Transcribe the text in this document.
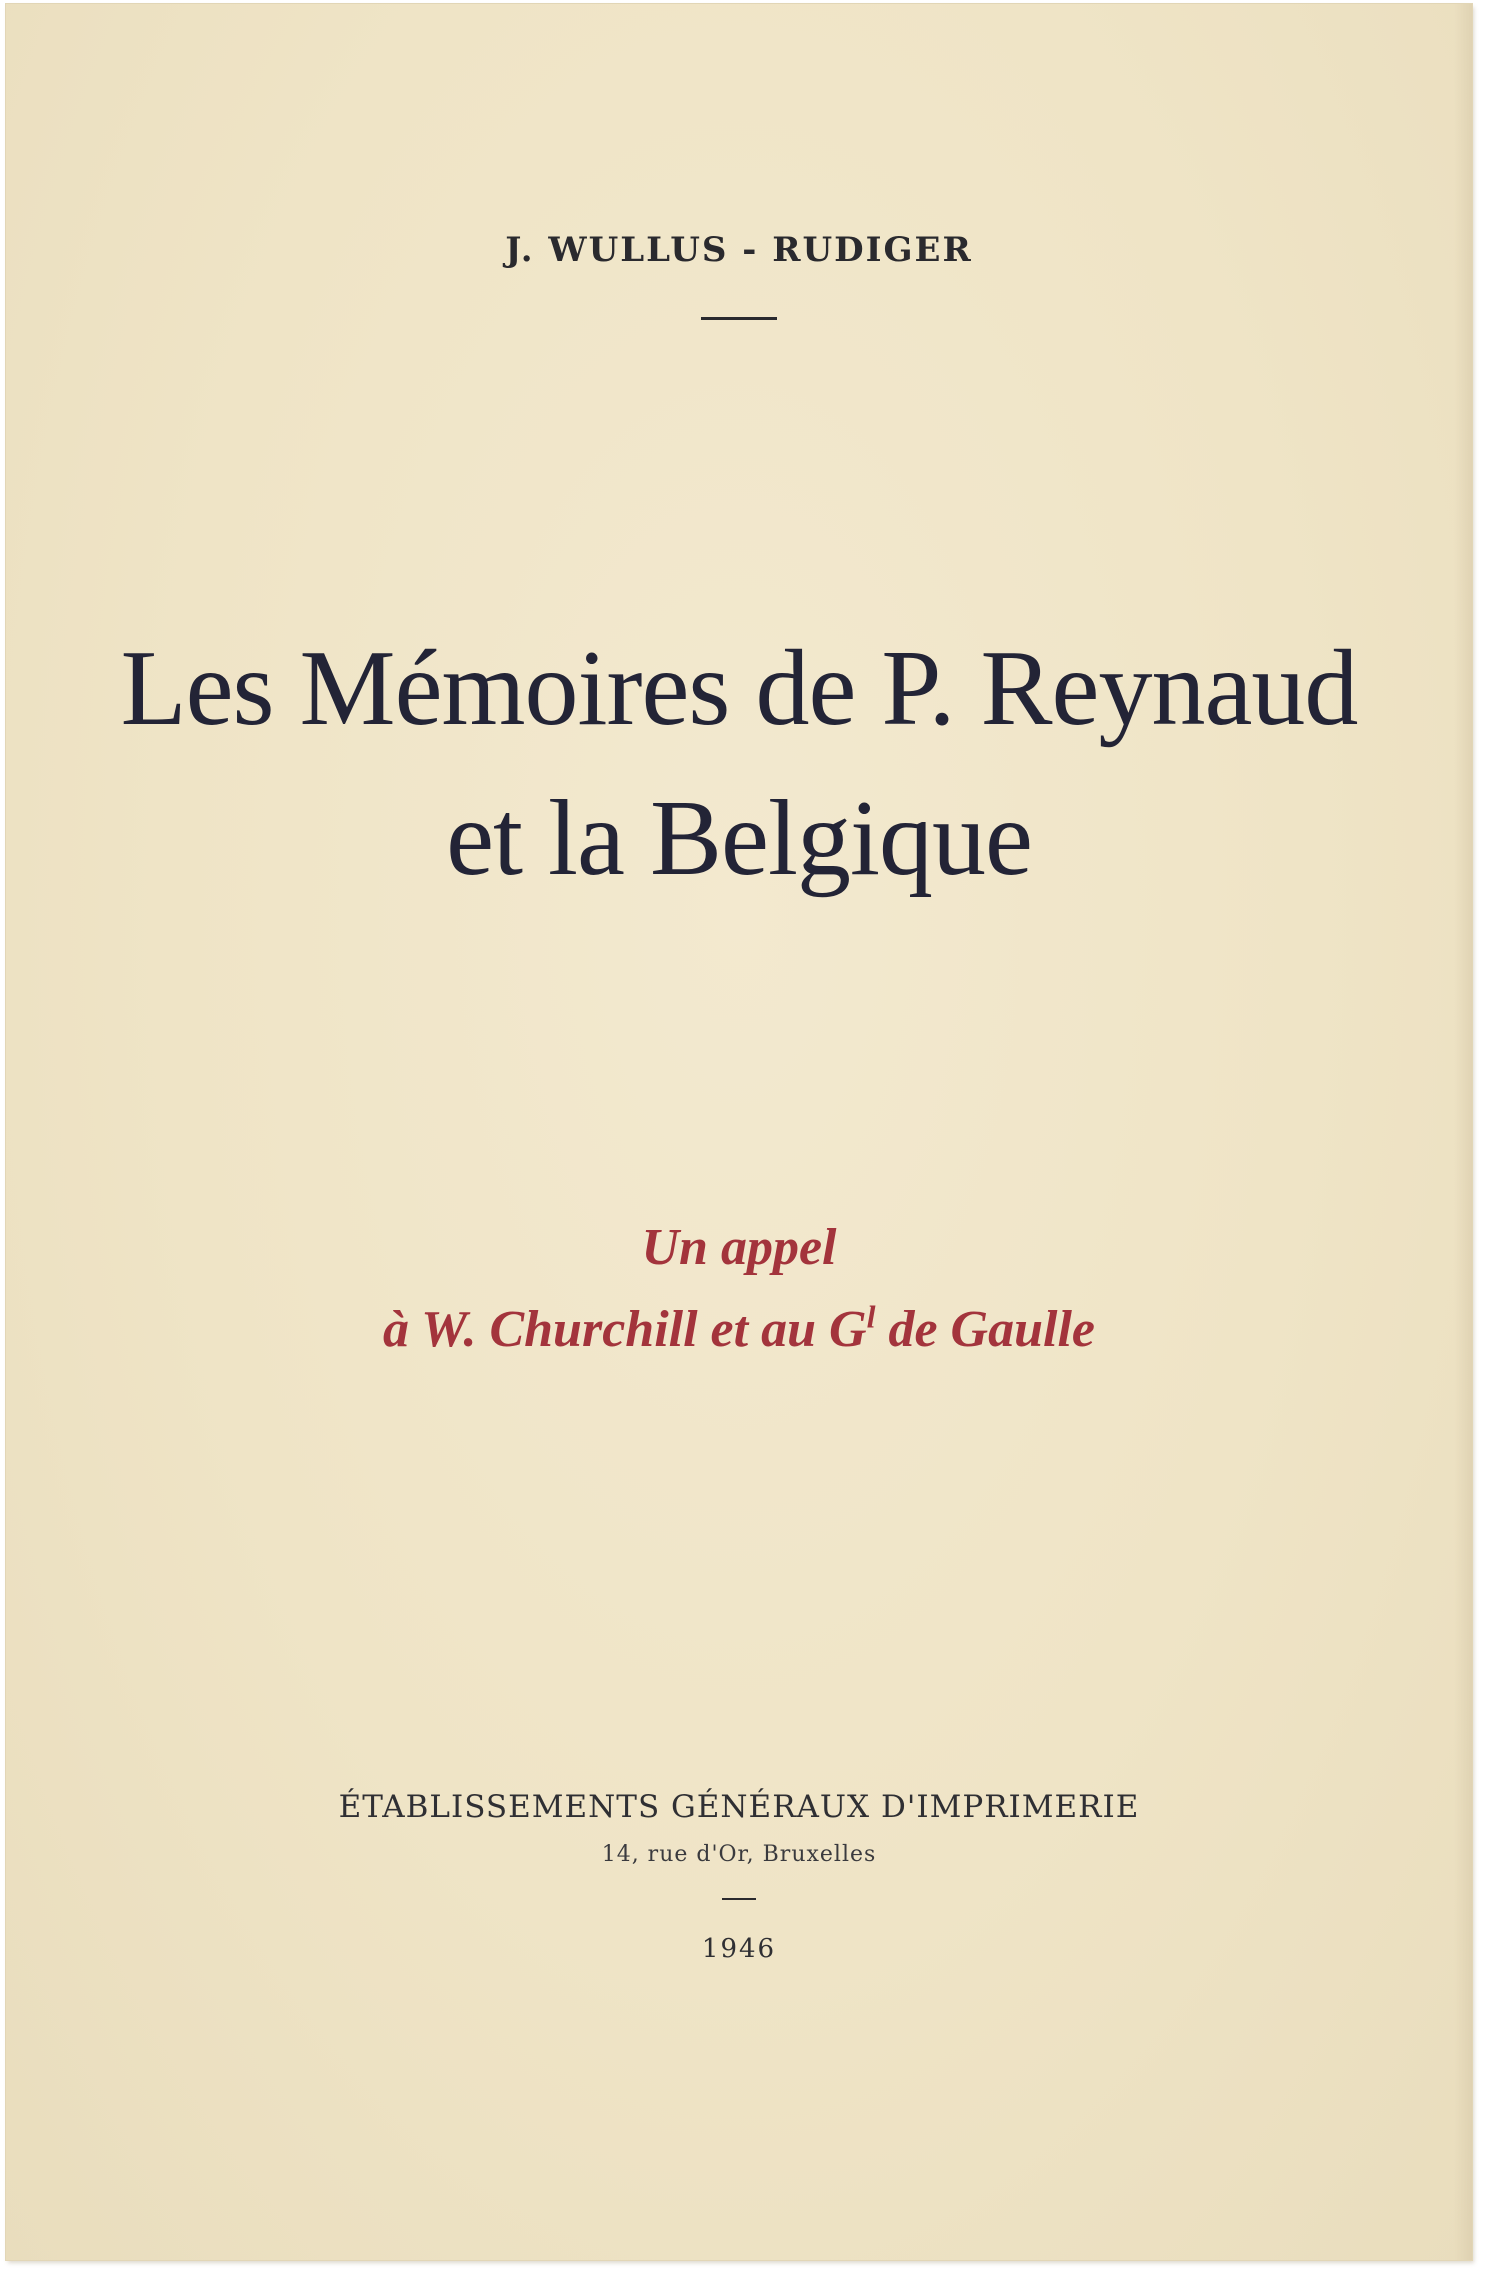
J. WULLUS - RUDIGER
Les Mémoires de P. Reynaud
et la Belgique
Un appel
à W. Churchill et au $G^l$ de Gaulle
ÉTABLISSEMENTS GÉNÉRAUX D'IMPRIMERIE
14, rue d'Or, Bruxelles
1946
